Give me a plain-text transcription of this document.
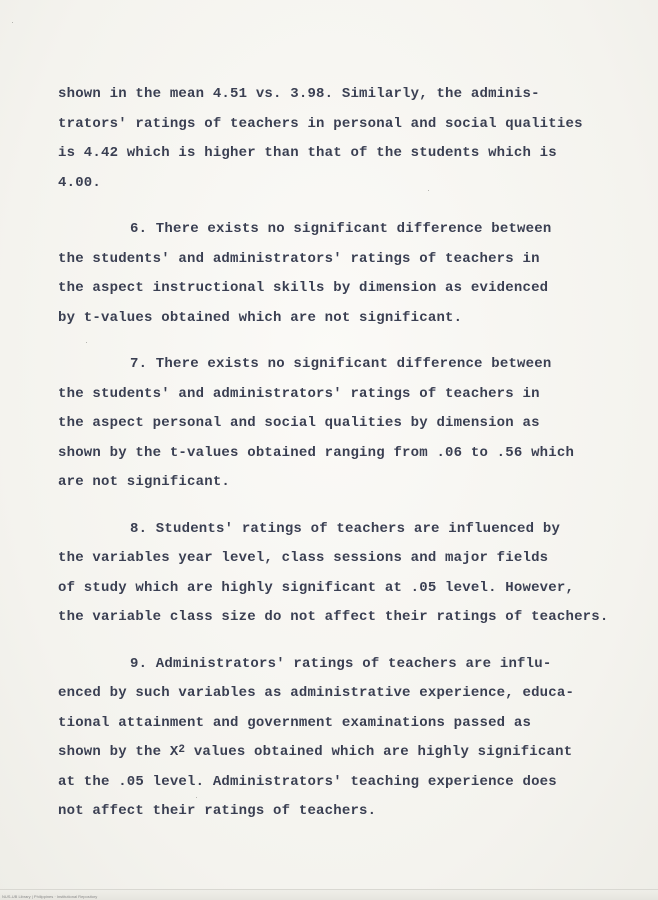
shown in the mean 4.51 vs. 3.98. Similarly, the adminis-
trators' ratings of teachers in personal and social qualities
is 4.42 which is higher than that of the students which is
4.00.
6. There exists no significant difference between
the students' and administrators' ratings of teachers in
the aspect instructional skills by dimension as evidenced
by t-values obtained which are not significant.
7. There exists no significant difference between
the students' and administrators' ratings of teachers in
the aspect personal and social qualities by dimension as
shown by the t-values obtained ranging from .06 to .56 which
are not significant.
8. Students' ratings of teachers are influenced by
the variables year level, class sessions and major fields
of study which are highly significant at .05 level. However,
the variable class size do not affect their ratings of teachers.
9. Administrators' ratings of teachers are influ-
enced by such variables as administrative experience, educa-
tional attainment and government examinations passed as
shown by the $X^2$ values obtained which are highly significant
at the .05 level. Administrators' teaching experience does
not affect their ratings of teachers.
NUS-UB Library | Philippines · Institutional Repository
